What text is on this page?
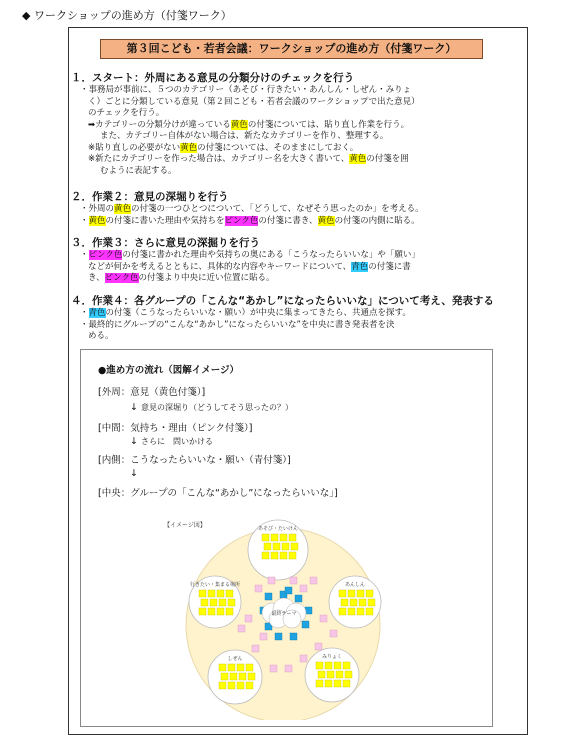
◆ ワークショップの進め方（付箋ワーク）
第３回こども・若者会議：ワークショップの進め方（付箋ワーク）
１．スタート：外周にある意見の分類分けのチェックを行う

・事務局が事前に、５つのカテゴリー（あそび・行きたい・あんしん・しぜん・みりょ

く）ごとに分類している意見（第２回こども・若者会議のワークショップで出た意見）

のチェックを行う。

➡カテゴリーの分類分けが違っている黄色の付箋については、貼り直し作業を行う。

また、カテゴリー自体がない場合は、新たなカテゴリーを作り、整理する。

※貼り直しの必要がない黄色の付箋については、そのままにしておく。

※新たにカテゴリーを作った場合は、カテゴリー名を大きく書いて、黄色の付箋を囲

むように表記する。

２．作業２：意見の深堀りを行う

・外周の黄色の付箋の一つひとつについて、「どうして、なぜそう思ったのか」を考える。

・黄色の付箋に書いた理由や気持ちをピンク色の付箋に書き、黄色の付箋の内側に貼る。

３．作業３：さらに意見の深掘りを行う

・ピンク色の付箋に書かれた理由や気持ちの奥にある「こうなったらいいな」や「願い」

などが何かを考えるとともに、具体的な内容やキーワードについて、青色の付箋に書

き、ピンク色の付箋より中央に近い位置に貼る。

４．作業４：各グループの「こんな“あかし”になったらいいな」について考え、発表する

・青色の付箋（こうなったらいいな・願い）が中央に集まってきたら、共通点を探す。

・最終的にグループの“こんな“あかし”になったらいいな”を中央に書き発表者を決

める。

●進め方の流れ（図解イメージ）
[外周：意見（黄色付箋）]
↓ 意見の深堀り（どうしてそう思ったの？）
[中間：気持ち・理由（ピンク付箋）]
↓ さらに　問いかける
[内側：こうなったらいいな・願い（青付箋）]
↓
[中央：グループの「こんな“あかし”になったらいいな」]
【イメージ図】	あそび・たいけん
行きたい・集まる場所	あんしん
しぜん	みりょく
最終テーマ
